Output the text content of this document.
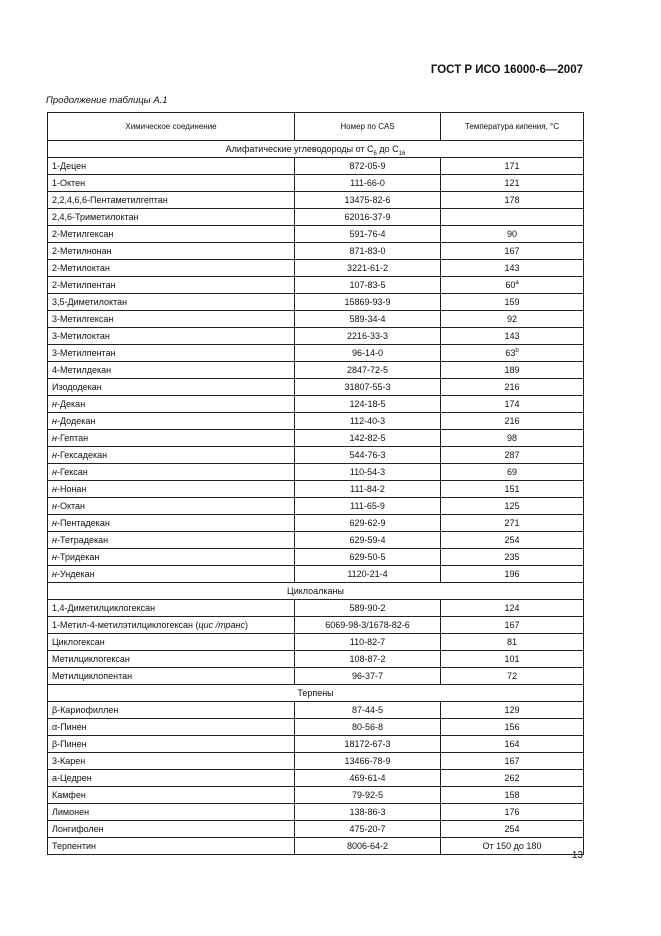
ГОСТ Р ИСО 16000-6—2007
Продолжение таблицы А.1
Химическое соединение	Номер по CAS	Температура кипения, °С
Алифатические углеводороды от $C_6$ до $C_{16}$
1-Децен	872-05-9	171
1-Октен	111-66-0	121
2,2,4,6,6-Пентаметилгептан	13475-82-6	178
2,4,6-Триметилоктан	62016-37-9	
2-Метилгексан	591-76-4	90
2-Метилнонан	871-83-0	167
2-Метилоктан	3221-61-2	143
2-Метилпентан	107-83-5	60$^a$
3,5-Диметилоктан	15869-93-9	159
3-Метилгексан	589-34-4	92
3-Метилоктан	2216-33-3	143
3-Метилпентан	96-14-0	63$^b$
4-Метилдекан	2847-72-5	189
Изододекан	31807-55-3	216
н-Декан	124-18-5	174
н-Додекан	112-40-3	216
н-Гептан	142-82-5	98
н-Гексадекан	544-76-3	287
н-Гексан	110-54-3	69
н-Нонан	111-84-2	151
н-Октан	111-65-9	125
н-Пентадекан	629-62-9	271
н-Тетрадекан	629-59-4	254
н-Тридекан	629-50-5	235
н-Ундекан	1120-21-4	196
Циклоалканы		
1,4-Диметилциклогексан	589-90-2	124
1-Метил-4-метилэтилциклогексан (цис /транс)	6069-98-3/1678-82-6	167
Циклогексан	110-82-7	81
Метилциклогексан	108-87-2	101
Метилциклопентан	96-37-7	72
Терпены		
β-Кариофиллен	87-44-5	129
α-Пинен	80-56-8	156
β-Пинен	18172-67-3	164
3-Карен	13466-78-9	167
а-Цедрен	469-61-4	262
Камфен	79-92-5	158
Лимонен	138-86-3	176
Лонгифолен	475-20-7	254
Терпентин	8006-64-2	От 150 до 180
13
